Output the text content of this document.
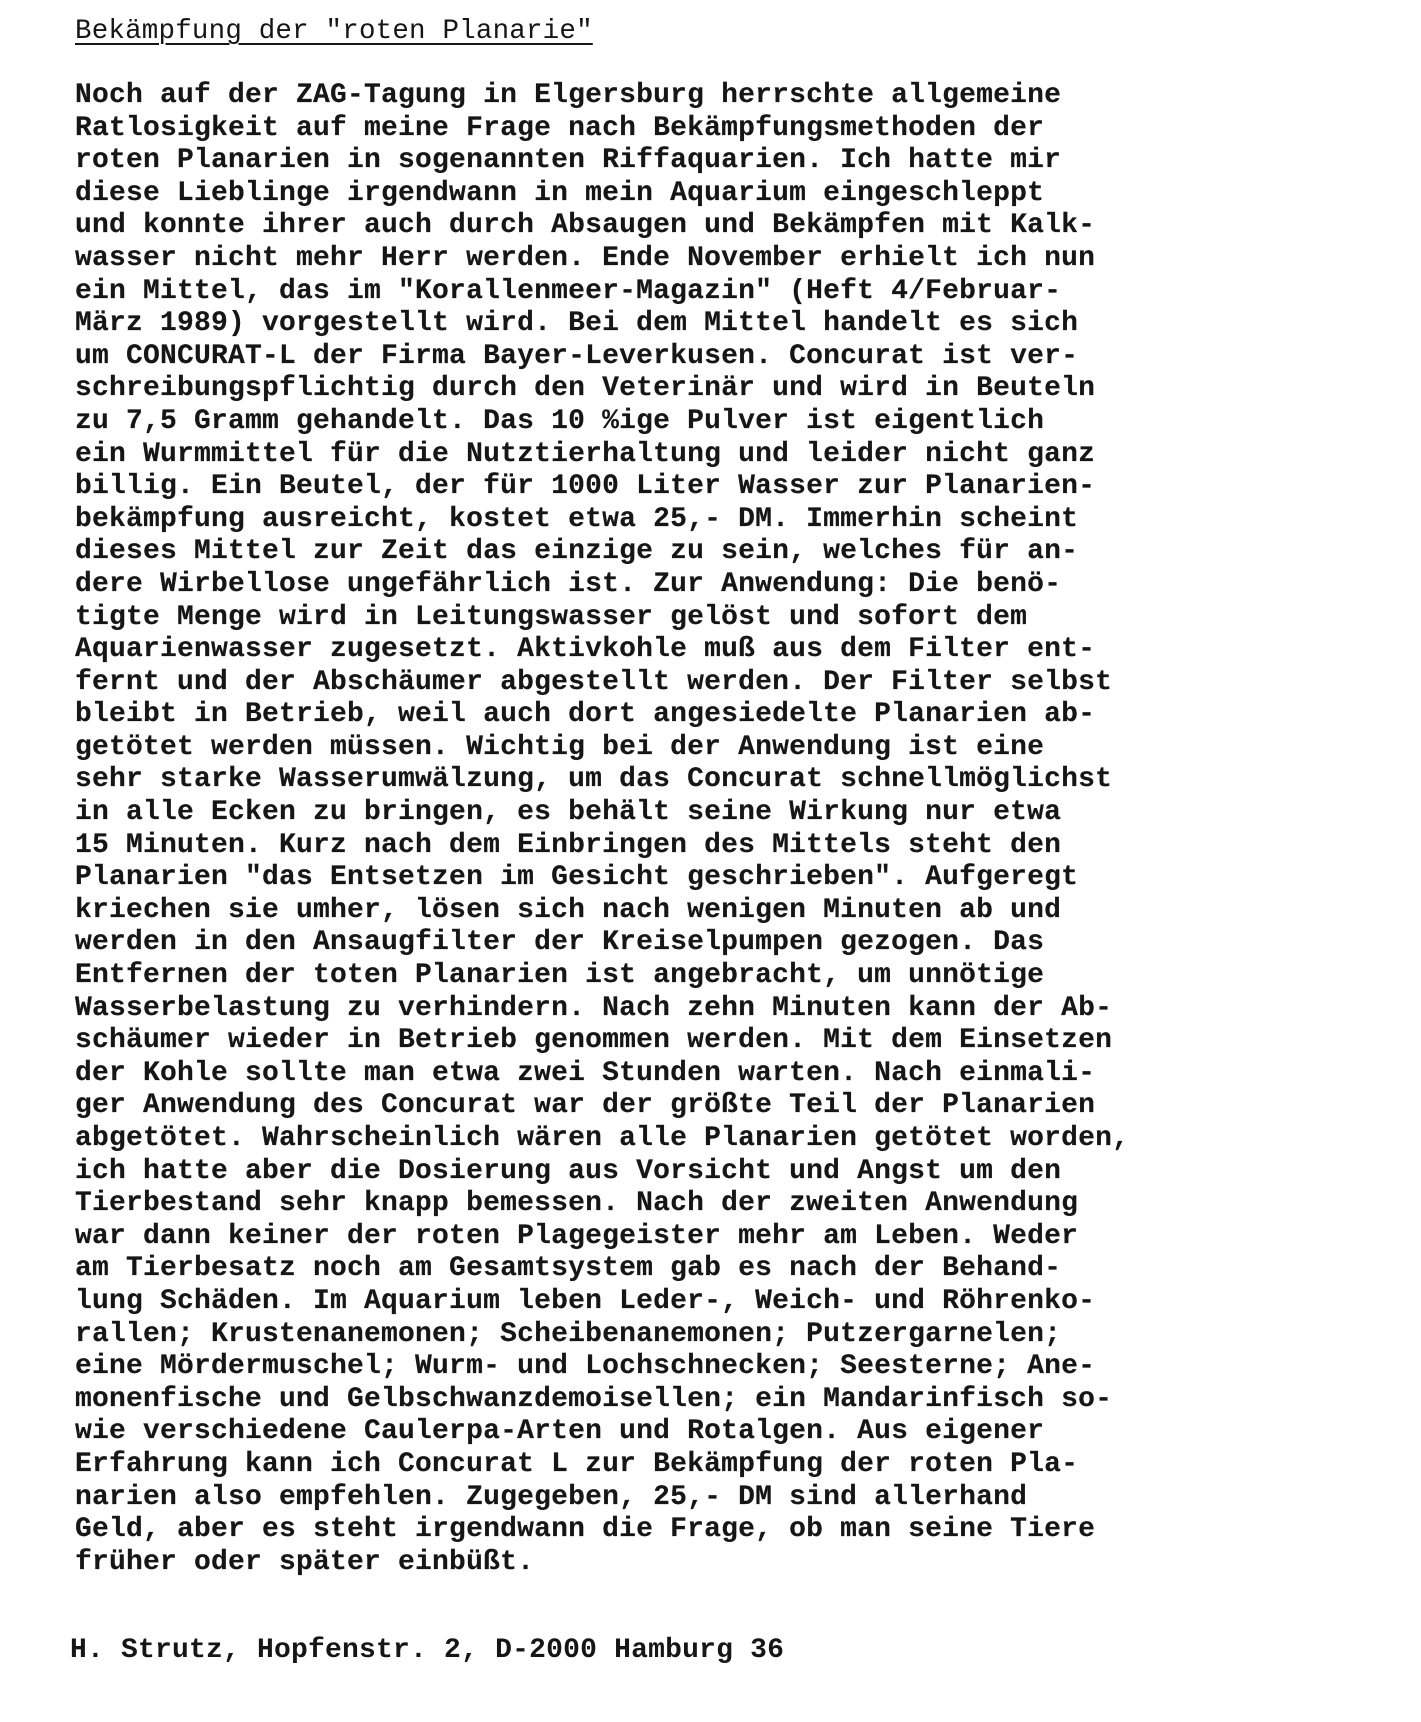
Bekämpfung der "roten Planarie"
Noch auf der ZAG-Tagung in Elgersburg herrschte allgemeine
Ratlosigkeit auf meine Frage nach Bekämpfungsmethoden der
roten Planarien in sogenannten Riffaquarien. Ich hatte mir
diese Lieblinge irgendwann in mein Aquarium eingeschleppt
und konnte ihrer auch durch Absaugen und Bekämpfen mit Kalk-
wasser nicht mehr Herr werden. Ende November erhielt ich nun
ein Mittel, das im "Korallenmeer-Magazin" (Heft 4/Februar-
März 1989) vorgestellt wird. Bei dem Mittel handelt es sich
um CONCURAT-L der Firma Bayer-Leverkusen. Concurat ist ver-
schreibungspflichtig durch den Veterinär und wird in Beuteln
zu 7,5 Gramm gehandelt. Das 10 %ige Pulver ist eigentlich
ein Wurmmittel für die Nutztierhaltung und leider nicht ganz
billig. Ein Beutel, der für 1000 Liter Wasser zur Planarien-
bekämpfung ausreicht, kostet etwa 25,- DM. Immerhin scheint
dieses Mittel zur Zeit das einzige zu sein, welches für an-
dere Wirbellose ungefährlich ist. Zur Anwendung: Die benö-
tigte Menge wird in Leitungswasser gelöst und sofort dem
Aquarienwasser zugesetzt. Aktivkohle muß aus dem Filter ent-
fernt und der Abschäumer abgestellt werden. Der Filter selbst
bleibt in Betrieb, weil auch dort angesiedelte Planarien ab-
getötet werden müssen. Wichtig bei der Anwendung ist eine
sehr starke Wasserumwälzung, um das Concurat schnellmöglichst
in alle Ecken zu bringen, es behält seine Wirkung nur etwa
15 Minuten. Kurz nach dem Einbringen des Mittels steht den
Planarien "das Entsetzen im Gesicht geschrieben". Aufgeregt
kriechen sie umher, lösen sich nach wenigen Minuten ab und
werden in den Ansaugfilter der Kreiselpumpen gezogen. Das
Entfernen der toten Planarien ist angebracht, um unnötige
Wasserbelastung zu verhindern. Nach zehn Minuten kann der Ab-
schäumer wieder in Betrieb genommen werden. Mit dem Einsetzen
der Kohle sollte man etwa zwei Stunden warten. Nach einmali-
ger Anwendung des Concurat war der größte Teil der Planarien
abgetötet. Wahrscheinlich wären alle Planarien getötet worden,
ich hatte aber die Dosierung aus Vorsicht und Angst um den
Tierbestand sehr knapp bemessen. Nach der zweiten Anwendung
war dann keiner der roten Plagegeister mehr am Leben. Weder
am Tierbesatz noch am Gesamtsystem gab es nach der Behand-
lung Schäden. Im Aquarium leben Leder-, Weich- und Röhrenko-
rallen; Krustenanemonen; Scheibenanemonen; Putzergarnelen;
eine Mördermuschel; Wurm- und Lochschnecken; Seesterne; Ane-
monenfische und Gelbschwanzdemoisellen; ein Mandarinfisch so-
wie verschiedene Caulerpa-Arten und Rotalgen. Aus eigener
Erfahrung kann ich Concurat L zur Bekämpfung der roten Pla-
narien also empfehlen. Zugegeben, 25,- DM sind allerhand
Geld, aber es steht irgendwann die Frage, ob man seine Tiere
früher oder später einbüßt.
H. Strutz, Hopfenstr. 2, D-2000 Hamburg 36
